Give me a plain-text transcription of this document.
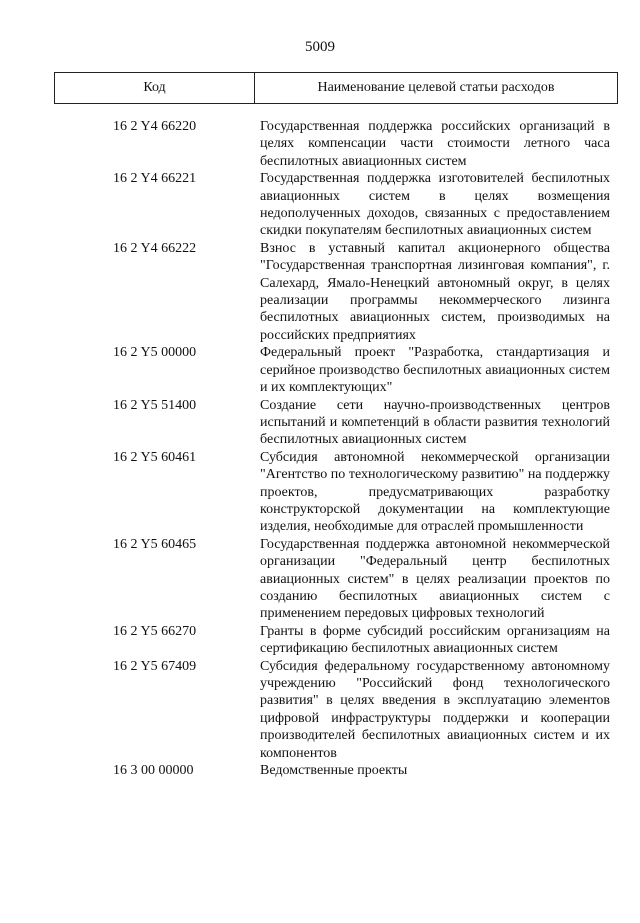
5009
Код	Наименование целевой статьи расходов
16 2 Y4 66220	Государственная поддержка российских организаций в целях компенсации части стоимости летного часа беспилотных авиационных систем
16 2 Y4 66221	Государственная поддержка изготовителей беспилотных авиационных систем в целях возмещения недополученных доходов, связанных с предоставлением скидки покупателям беспилотных авиационных систем
16 2 Y4 66222	Взнос в уставный капитал акционерного общества "Государственная транспортная лизинговая компания", г. Салехард, Ямало-Ненецкий автономный округ, в целях реализации программы некоммерческого лизинга беспилотных авиационных систем, производимых на российских предприятиях
16 2 Y5 00000	Федеральный проект "Разработка, стандартизация и серийное производство беспилотных авиационных систем и их комплектующих"
16 2 Y5 51400	Создание сети научно-производственных центров испытаний и компетенций в области развития технологий беспилотных авиационных систем
16 2 Y5 60461	Субсидия автономной некоммерческой организации "Агентство по технологическому развитию" на поддержку проектов, предусматривающих разработку конструкторской документации на комплектующие изделия, необходимые для отраслей промышленности
16 2 Y5 60465	Государственная поддержка автономной некоммерческой организации "Федеральный центр беспилотных авиационных систем" в целях реализации проектов по созданию беспилотных авиационных систем с применением передовых цифровых технологий
16 2 Y5 66270	Гранты в форме субсидий российским организациям на сертификацию беспилотных авиационных систем
16 2 Y5 67409	Субсидия федеральному государственному автономному учреждению "Российский фонд технологического развития" в целях введения в эксплуатацию элементов цифровой инфраструктуры поддержки и кооперации производителей беспилотных авиационных систем и их компонентов
16 3 00 00000	Ведомственные проекты
